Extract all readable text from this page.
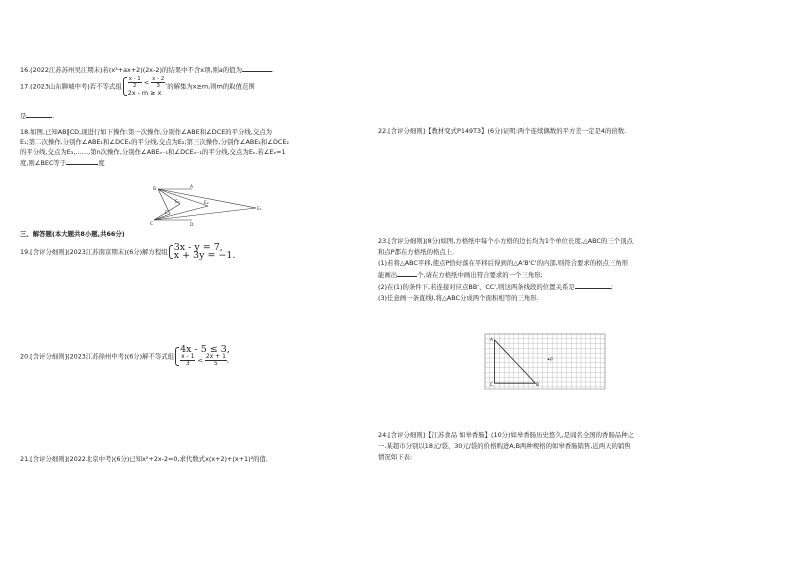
16.(2022江苏苏州吴江期末)若(x²+ax+2)(2x-2)的结果中不含x项,则a的值为	.
17.(2023山东聊城中考)若不等式组 $\frac{x - 1}{2} < \frac{x - 2}{3}$ ,
2x - m ≥ x
的解集为x≥m,则m的取值范围
是	.
18.如图,已知AB∥CD,现进行如下操作:第一次操作,分别作∠ABE和∠DCE的平分线,交点为
E₁;第二次操作,分别作∠ABE₁和∠DCE₁的平分线,交点为E₂;第三次操作,分别作∠ABE₂和∠DCE₂
的平分线,交点为E₃,……,第n次操作,分别作∠ABEₙ₋₁和∠DCEₙ₋₁的平分线,交点为Eₙ.若∠Eₙ=1
度,则∠BEC等于	度
B	A
C	D
E₃
E
E₂
E₁
三、解答题(本大题共8小题,共66分)
19.[含评分细则](2023江苏南京期末)(6分)解方程组 3x - y = 7,
x + 3y = −1.
20.[含评分细则](2023江苏徐州中考)(6分)解不等式组
4x - 5 ≤ 3,
$\frac{x - 1}{3} < \frac{2x + 1}{5}$ ,
21.[含评分细则](2022北京中考)(6分)已知x²+2x-2=0,求代数式x(x+2)+(x+1)²的值.
22.[含评分细则]【教材变式P149T3】(6分)证明:两个连续偶数的平方差一定是4的倍数.
23.[含评分细则](8分)如图,方格纸中每个小方格的边长均为1个单位长度,△ABC的三个顶点
和点P都在方格纸的格点上.
(1)若将△ABC平移,使点P恰好落在平移后得到的△A'B'C'的内部,则符合要求的格点三角形
能画出	个,请在方格纸中画出符合要求的一个三角形;
(2)在(1)的条件下,若连接对应点BB'、CC',则这两条线段的位置关系是	;
(3)任意画一条直线l,将△ABC分成两个面积相等的三角形.
A
C	B
P
24.[含评分细则]【江苏食品 如皋香肠】(10分)如皋香肠历史悠久,是闻名全国的香肠品种之
一.某超市分别以18元/袋、30元/袋的价格购进A,B两种规格的如皋香肠销售,近两天的销售
情况如下表:
